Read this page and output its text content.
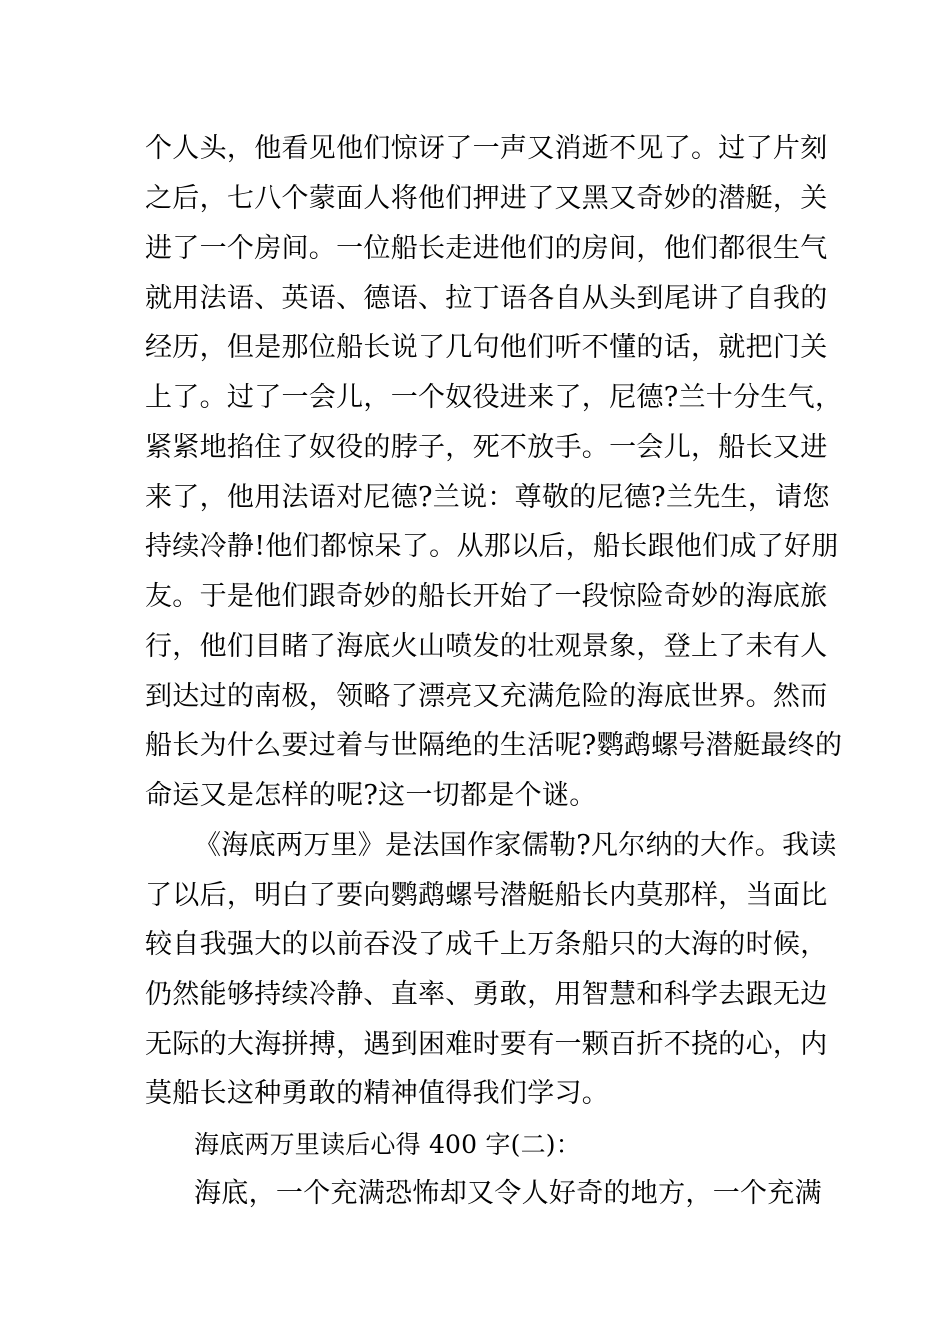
个人头，他看见他们惊讶了一声又消逝不见了。过了片刻
之后，七八个蒙面人将他们押进了又黑又奇妙的潜艇，关
进了一个房间。一位船长走进他们的房间，他们都很生气
就用法语、英语、德语、拉丁语各自从头到尾讲了自我的
经历，但是那位船长说了几句他们听不懂的话，就把门关
上了。过了一会儿，一个奴役进来了，尼德?兰十分生气，
紧紧地掐住了奴役的脖子，死不放手。一会儿，船长又进
来了，他用法语对尼德?兰说：尊敬的尼德?兰先生，请您
持续冷静!他们都惊呆了。从那以后，船长跟他们成了好朋
友。于是他们跟奇妙的船长开始了一段惊险奇妙的海底旅
行，他们目睹了海底火山喷发的壮观景象，登上了未有人
到达过的南极，领略了漂亮又充满危险的海底世界。然而
船长为什么要过着与世隔绝的生活呢?鹦鹉螺号潜艇最终的
命运又是怎样的呢?这一切都是个谜。
《海底两万里》是法国作家儒勒?凡尔纳的大作。我读
了以后，明白了要向鹦鹉螺号潜艇船长内莫那样，当面比
较自我强大的以前吞没了成千上万条船只的大海的时候，
仍然能够持续冷静、直率、勇敢，用智慧和科学去跟无边
无际的大海拼搏，遇到困难时要有一颗百折不挠的心，内
莫船长这种勇敢的精神值得我们学习。
海底两万里读后心得 400 字(二)：
海底，一个充满恐怖却又令人好奇的地方，一个充满
